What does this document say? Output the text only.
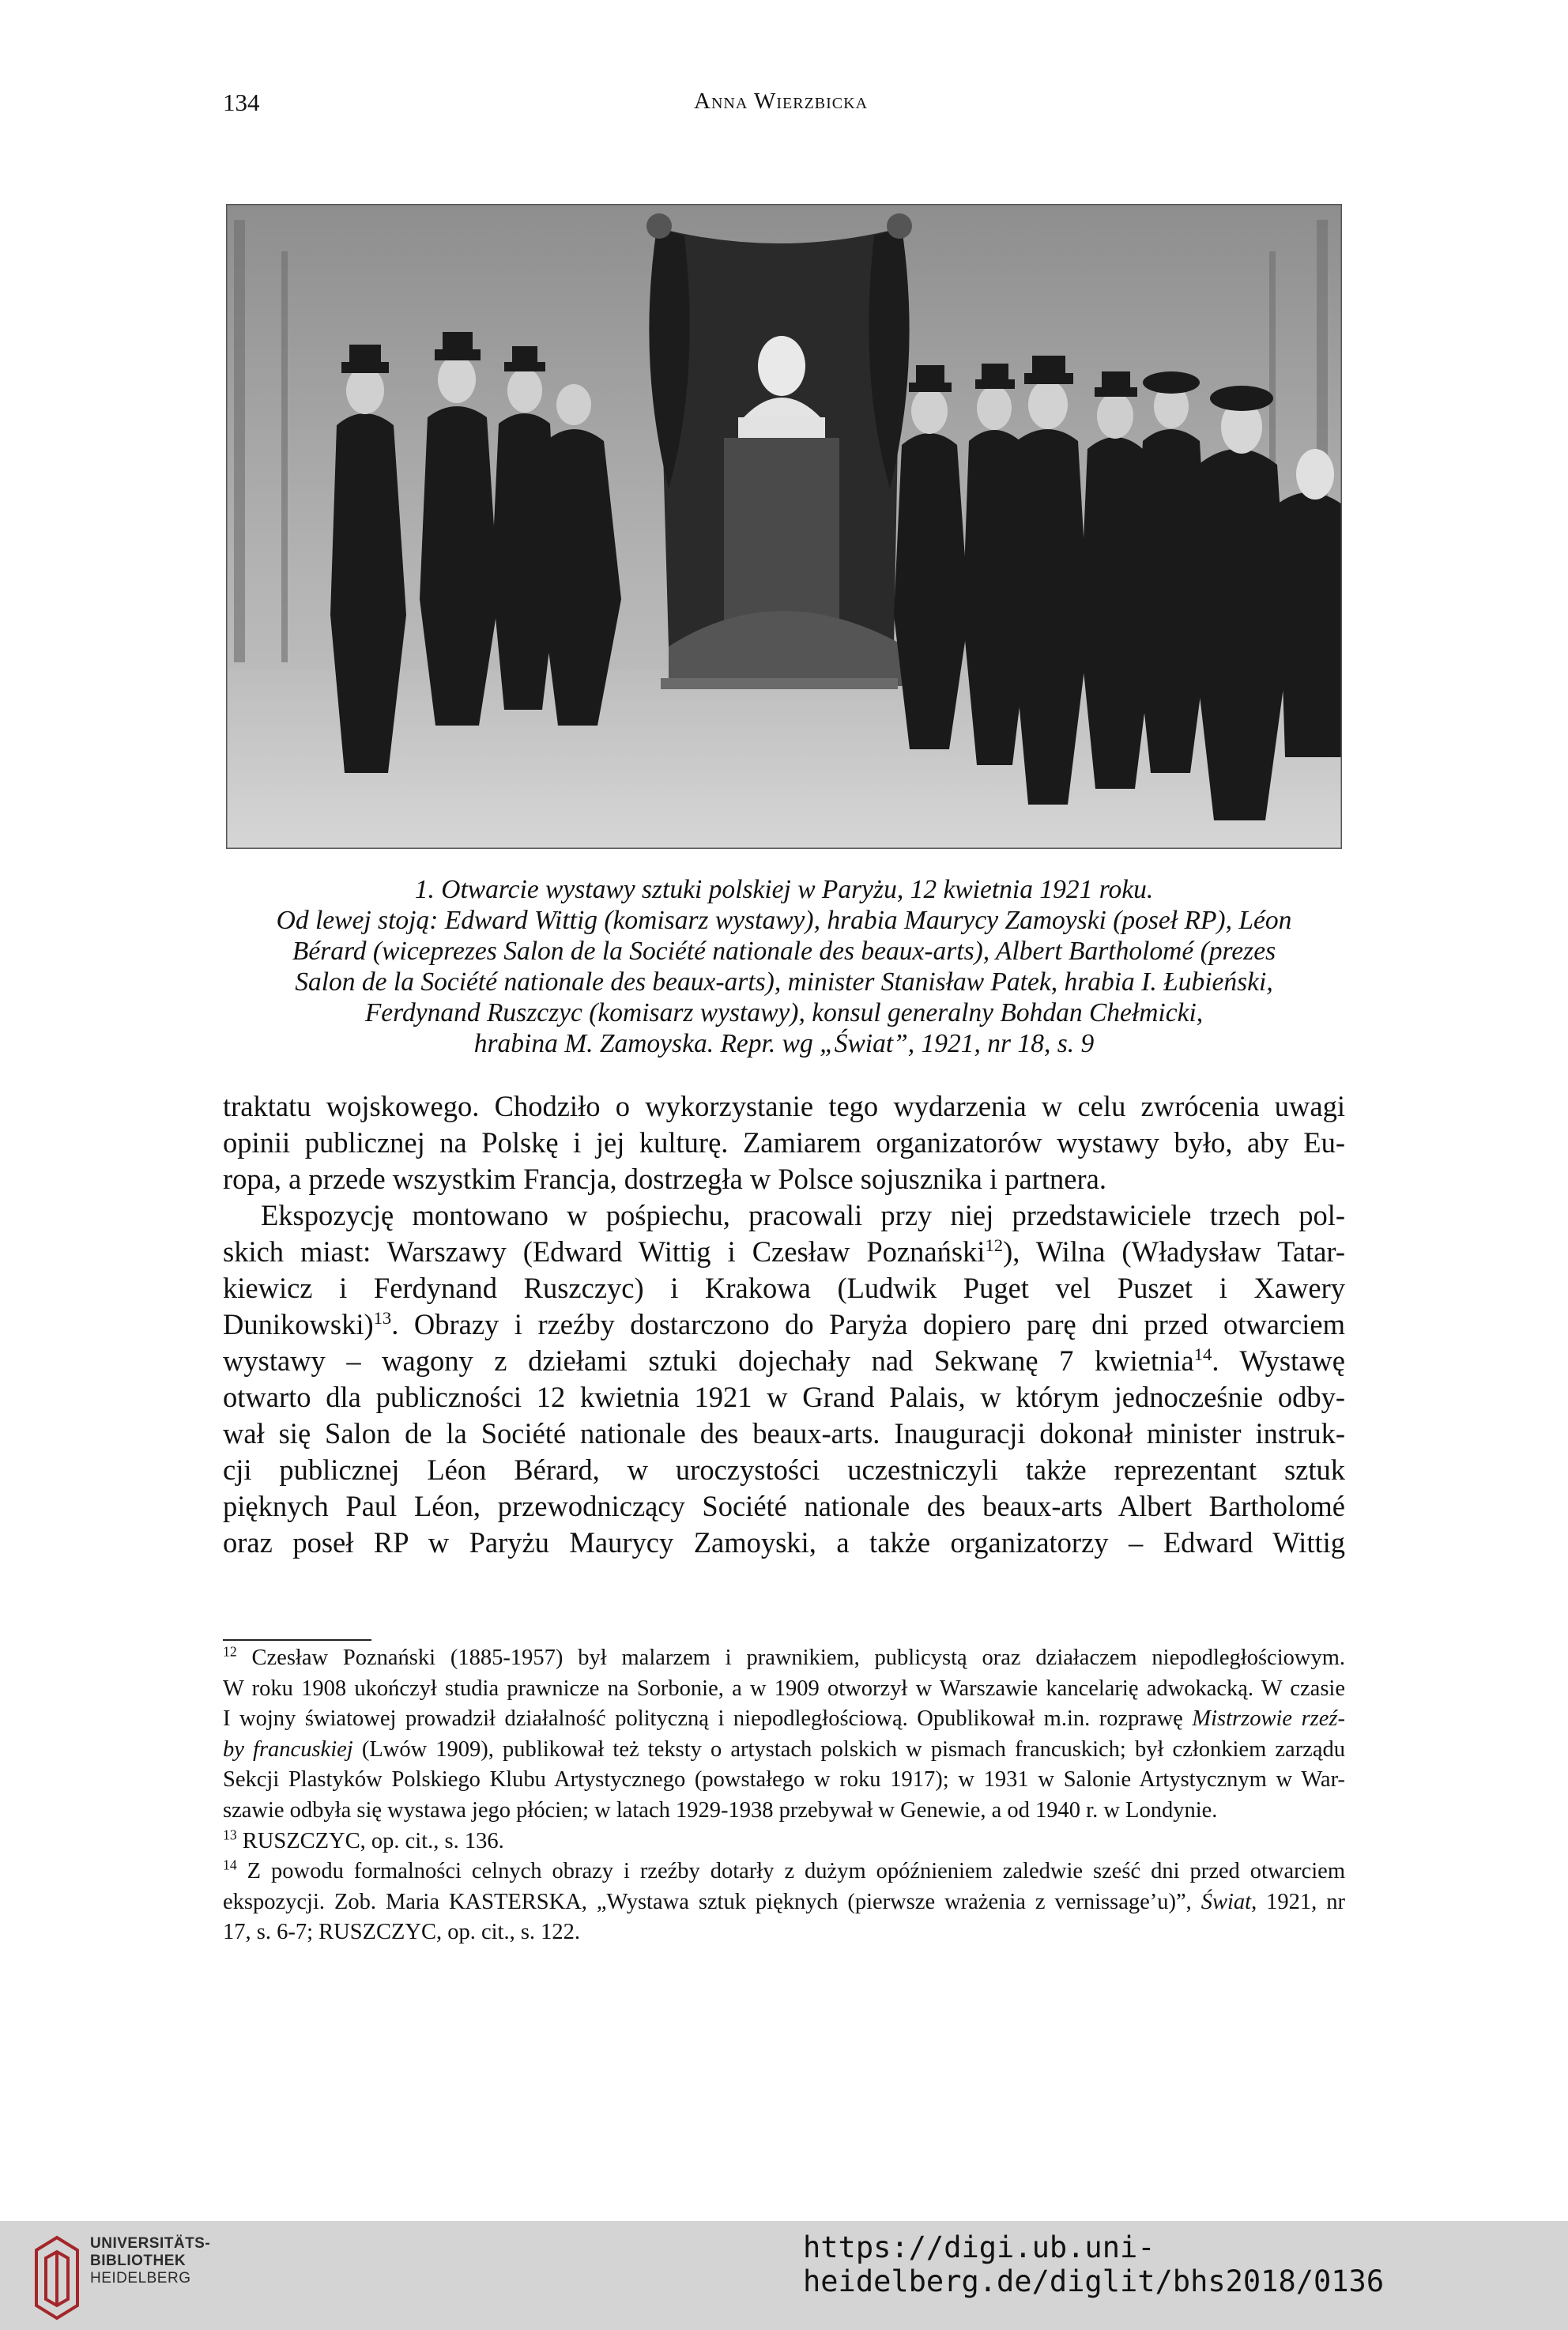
134	Anna Wierzbicka
1. Otwarcie wystawy sztuki polskiej w Paryżu, 12 kwietnia 1921 roku.
Od lewej stoją: Edward Wittig (komisarz wystawy), hrabia Maurycy Zamoyski (poseł RP), Léon
Bérard (wiceprezes Salon de la Société nationale des beaux-arts), Albert Bartholomé (prezes
Salon de la Société nationale des beaux-arts), minister Stanisław Patek, hrabia I. Łubieński,
Ferdynand Ruszczyc (komisarz wystawy), konsul generalny Bohdan Chełmicki,
hrabina M. Zamoyska. Repr. wg „Świat”, 1921, nr 18, s. 9
traktatu wojskowego. Chodziło o wykorzystanie tego wydarzenia w celu zwrócenia uwagi
opinii publicznej na Polskę i jej kulturę. Zamiarem organizatorów wystawy było, aby Eu-
ropa, a przede wszystkim Francja, dostrzegła w Polsce sojusznika i partnera.
Ekspozycję montowano w pośpiechu, pracowali przy niej przedstawiciele trzech pol-
skich miast: Warszawy (Edward Wittig i Czesław Poznański$^{12}$), Wilna (Władysław Tatar-
kiewicz i Ferdynand Ruszczyc) i Krakowa (Ludwik Puget vel Puszet i Xawery
Dunikowski)$^{13}$. Obrazy i rzeźby dostarczono do Paryża dopiero parę dni przed otwarciem
wystawy – wagony z dziełami sztuki dojechały nad Sekwanę 7 kwietnia$^{14}$. Wystawę
otwarto dla publiczności 12 kwietnia 1921 w Grand Palais, w którym jednocześnie odby-
wał się Salon de la Société nationale des beaux-arts. Inauguracji dokonał minister instruk-
cji publicznej Léon Bérard, w uroczystości uczestniczyli także reprezentant sztuk
pięknych Paul Léon, przewodniczący Société nationale des beaux-arts Albert Bartholomé
oraz poseł RP w Paryżu Maurycy Zamoyski, a także organizatorzy – Edward Wittig
$^{12}$ Czesław Poznański (1885-1957) był malarzem i prawnikiem, publicystą oraz działaczem niepodległościowym.
W roku 1908 ukończył studia prawnicze na Sorbonie, a w 1909 otworzył w Warszawie kancelarię adwokacką. W czasie
I wojny światowej prowadził działalność polityczną i niepodległościową. Opublikował m.in. rozprawę Mistrzowie rzeź-
by francuskiej (Lwów 1909), publikował też teksty o artystach polskich w pismach francuskich; był członkiem zarządu
Sekcji Plastyków Polskiego Klubu Artystycznego (powstałego w roku 1917); w 1931 w Salonie Artystycznym w War-
szawie odbyła się wystawa jego płócien; w latach 1929-1938 przebywał w Genewie, a od 1940 r. w Londynie.
$^{13}$ RUSZCZYC, op. cit., s. 136.
$^{14}$ Z powodu formalności celnych obrazy i rzeźby dotarły z dużym opóźnieniem zaledwie sześć dni przed otwarciem
ekspozycji. Zob. Maria KASTERSKA, „Wystawa sztuk pięknych (pierwsze wrażenia z vernissage’u)”, Świat, 1921, nr
17, s. 6-7; RUSZCZYC, op. cit., s. 122.
UNIVERSITÄTS-
BIBLIOTHEK
HEIDELBERG
https://digi.ub.uni-heidelberg.de/diglit/bhs2018/0136
